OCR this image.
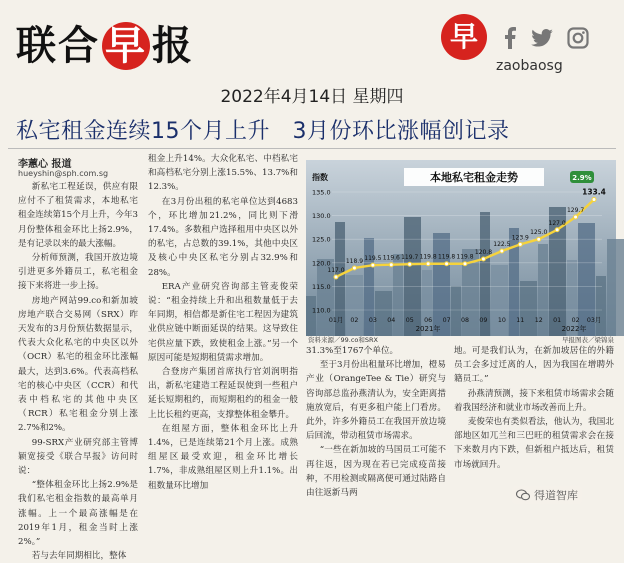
联合 早 报	早
zaobaosg
2022年4月14日 星期四
私宅租金连续15个月上升　3月份环比涨幅创记录
李蕙心 报道
hueyshin@sph.com.sg

新私宅工程延误，供应有限应付不了租赁需求，本地私宅租金连续第15个月上升，今年3月份整体租金环比上扬2.9%，是有记录以来的最大涨幅。

分析师预测，我国开放边境引进更多外籍员工，私宅租金接下来将进一步上扬。

房地产网站99.co和新加坡房地产联合交易网（SRX）昨天发布的3月份预估数据显示，代表大众化私宅的中央区以外（OCR）私宅的租金环比涨幅最大，达到3.6%。代表高档私宅的核心中央区（CCR）和代表中档私宅的其他中央区（RCR）私宅租金分别上涨2.7%和2%。

99-SRX产业研究部主管博颖宽接受《联合早报》访问时说：

“整体租金环比上扬2.9%是我们私宅租金指数的最高单月涨幅。上一个最高涨幅是在2019年1月，租金当时上涨2%。”

若与去年同期相比，整体

租金上升14%。大众化私宅、中档私宅和高档私宅分别上涨15.5%、13.7%和12.3%。

在3月份出租的私宅单位达到4683个，环比增加21.2%，同比则下滑17.4%。多数租户选择租用中央区以外的私宅，占总数的39.1%，其他中央区及核心中央区私宅分别占32.9%和28%。

ERA产业研究咨询部主管麦俊荣说：“租金持续上升和出租数量低于去年同期，相信都是新住宅工程因为建筑业供应链中断面延误的结果。这导致住宅供应量下跌，致使租金上涨。”另一个原因可能是短期租赁需求增加。

合登房产集团首席执行官刘润明指出，新私宅建造工程延误使到一些租户延长短期租约，而短期租约的租金一般上比长租约更高，支撑整体租金攀升。

在组屋方面，整体租金环比上升1.4%，已是连续第21个月上涨。成熟组屋区最受欢迎，租金环比增长1.7%，非成熟组屋区则上升1.1%。出租数量环比增加

本地私宅租金走势
指数
110.0
115.0
120.0
125.0
130.0
135.0
117.0
118.9 119.5 119.6 119.7 119.8 119.8 119.8
120.8
122.5
123.9
125.0
127.0
129.7
133.4
01月 02 03 04 05 06 07 08 09 10 11 12 01 02 03月
2.9%
2021年	2022年
资料来源／99.co和SRX	早报图表／梁锦泉

31.3%至1767个单位。

至于3月份出租量环比增加，橙易产业（OrangeTee & Tie）研究与咨询部总监孙燕清认为，安全距离措施放宽后，有更多租户能上门看房。此外，许多外籍员工在我国开放边境后回流，带动租赁市场需求。

“一些在新加坡的马国员工可能不再往返，因为现在若已完成疫苗接种，不用检测或隔离便可通过陆路自由往返新马两

地。可是我们认为，在新加坡居住的外籍员工会多过迁离的人，因为我国在增聘外籍员工。”

孙燕清预测，接下来租赁市场需求会随着我国经济和就业市场改善而上升。

麦俊荣也有类似看法，他认为，我国北部地区如兀兰和三巴旺的租赁需求会在接下来数月内下跌，但新租户抵达后，租赁市场就回升。

得道智库
